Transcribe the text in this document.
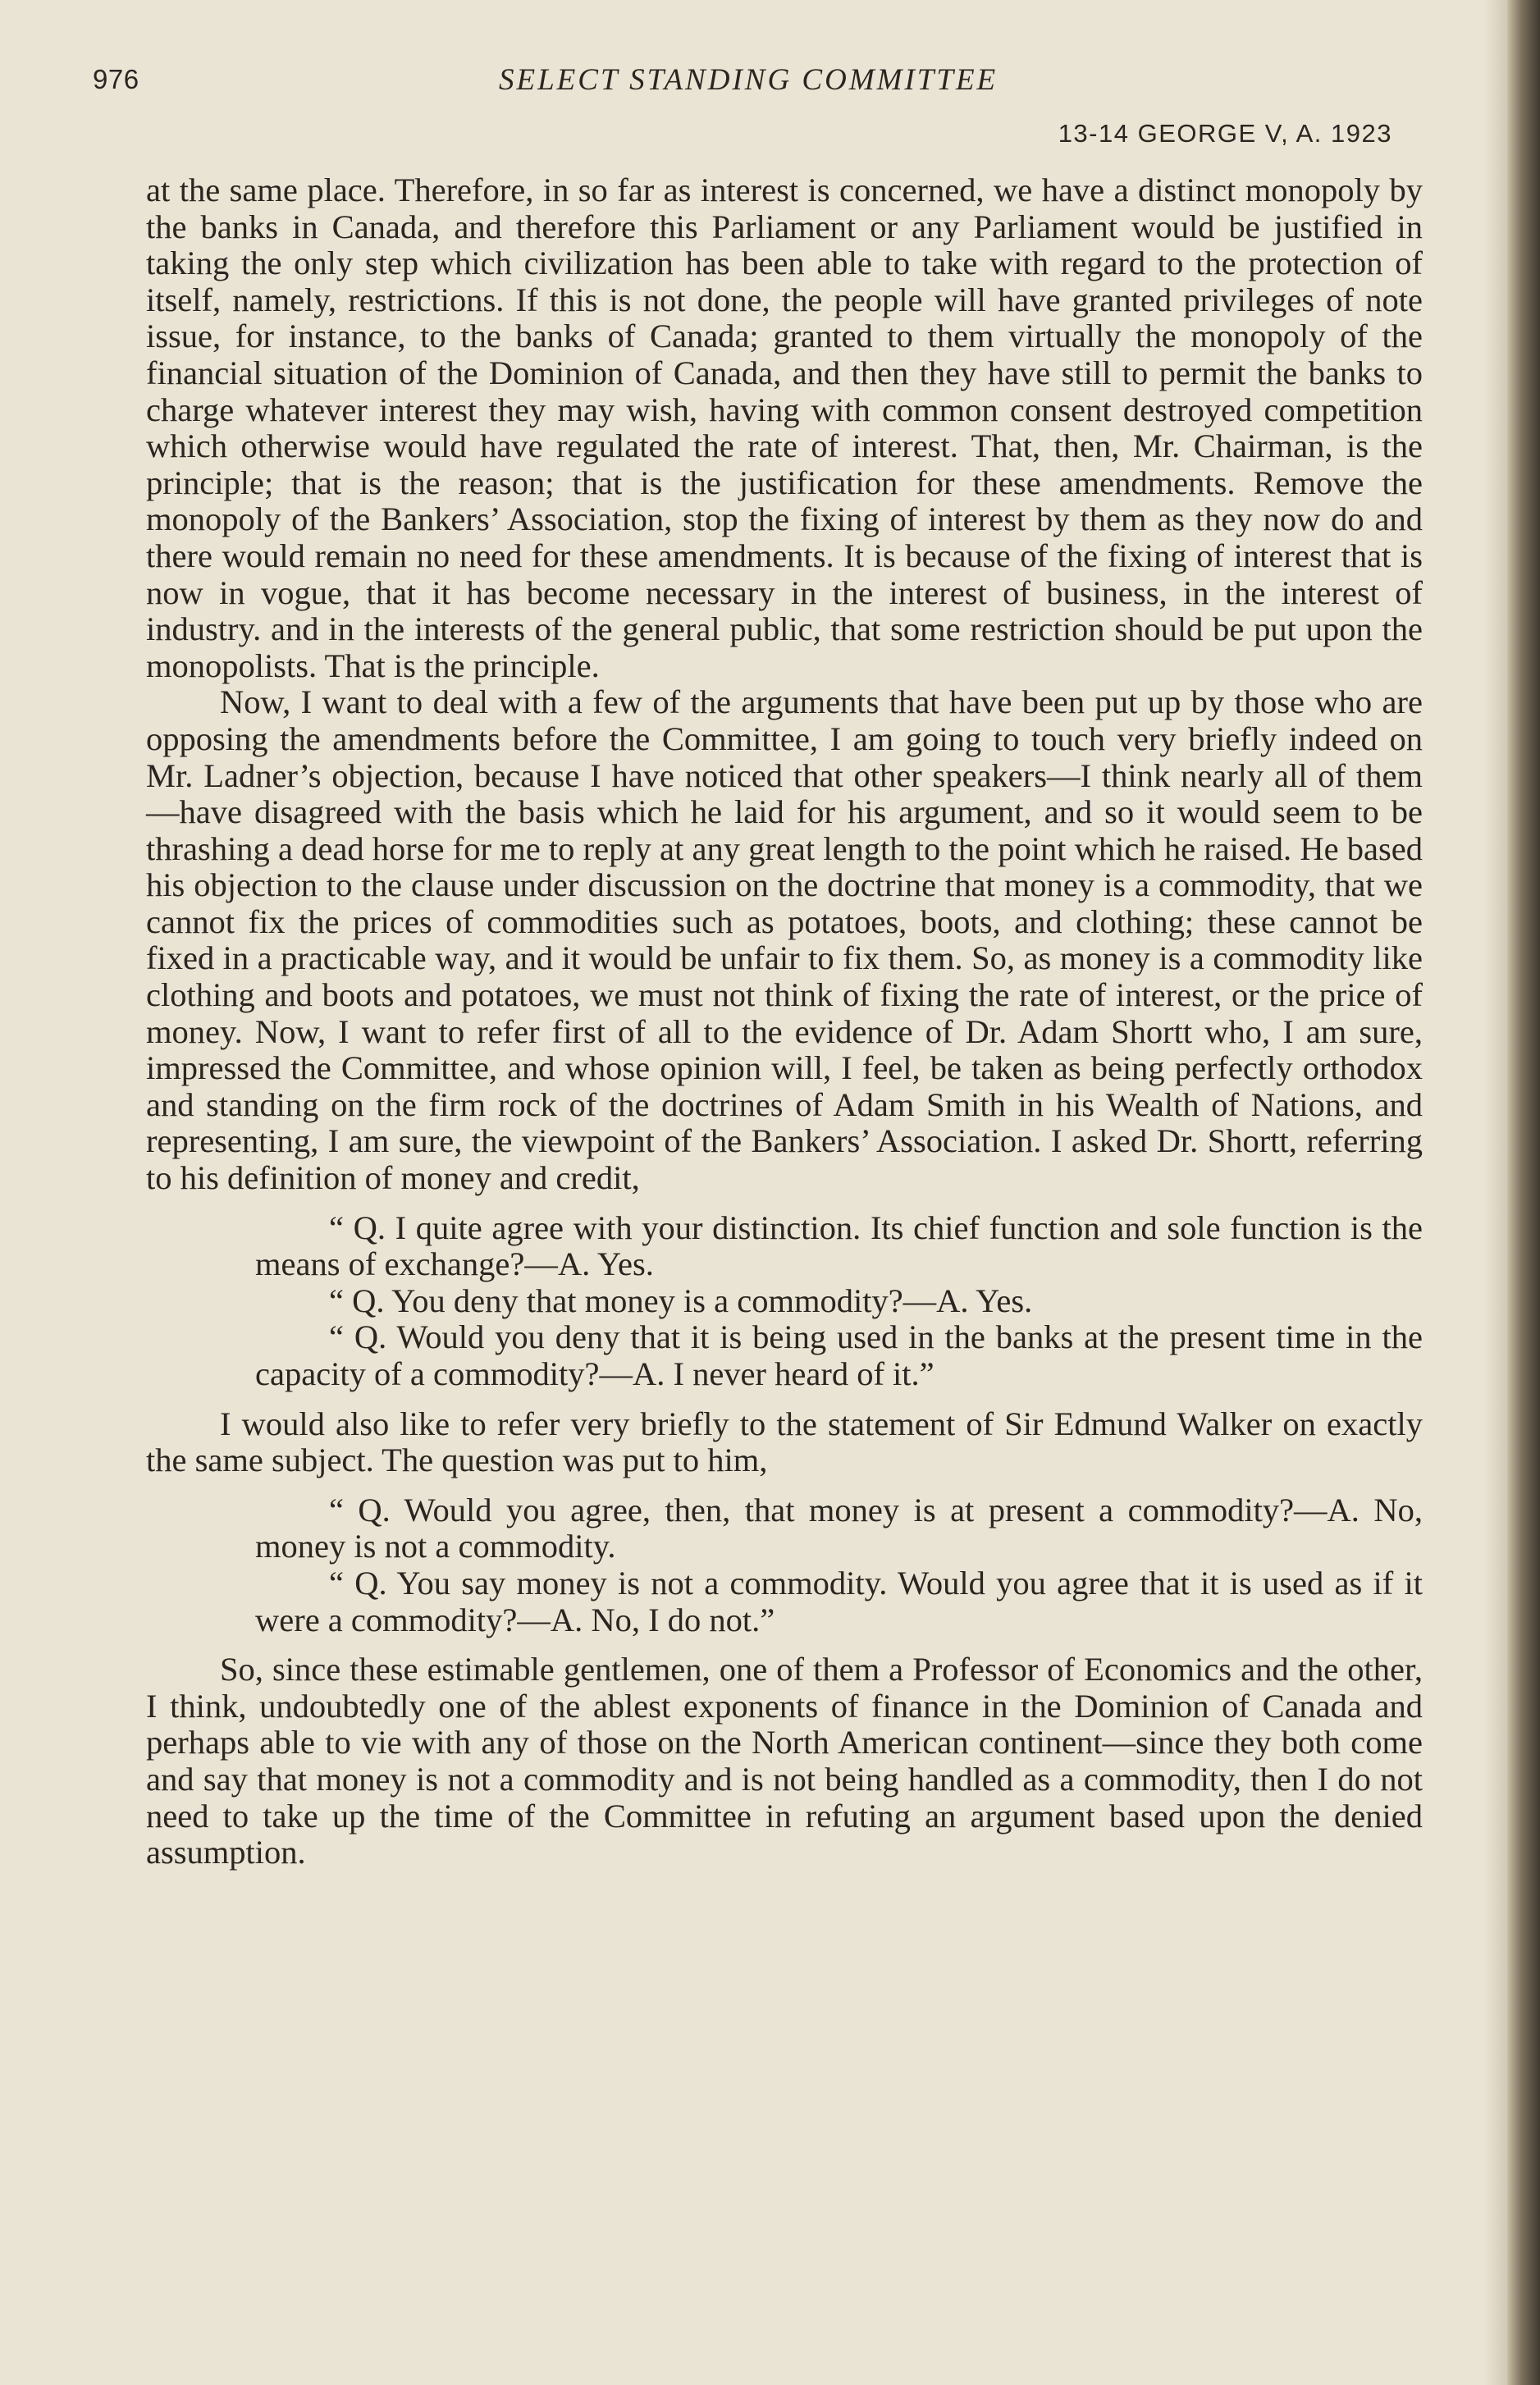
976	SELECT STANDING COMMITTEE
13-14 GEORGE V, A. 1923

at the same place. Therefore, in so far as interest is concerned, we have a distinct monopoly by the banks in Canada, and therefore this Parliament or any Parliament would be justified in taking the only step which civilization has been able to take with regard to the protection of itself, namely, restrictions. If this is not done, the people will have granted privileges of note issue, for instance, to the banks of Canada; granted to them virtually the monopoly of the financial situation of the Dominion of Canada, and then they have still to permit the banks to charge whatever interest they may wish, having with common consent destroyed competition which otherwise would have regulated the rate of interest. That, then, Mr. Chairman, is the principle; that is the reason; that is the justification for these amendments. Remove the monopoly of the Bankers’ Association, stop the fixing of interest by them as they now do and there would remain no need for these amendments. It is because of the fixing of interest that is now in vogue, that it has become necessary in the interest of business, in the interest of industry. and in the interests of the general public, that some restriction should be put upon the monopolists. That is the principle.

Now, I want to deal with a few of the arguments that have been put up by those who are opposing the amendments before the Committee, I am going to touch very briefly indeed on Mr. Ladner’s objection, because I have noticed that other speakers—I think nearly all of them—have disagreed with the basis which he laid for his argument, and so it would seem to be thrashing a dead horse for me to reply at any great length to the point which he raised. He based his objection to the clause under discussion on the doctrine that money is a commodity, that we cannot fix the prices of commodities such as potatoes, boots, and clothing; these cannot be fixed in a practicable way, and it would be unfair to fix them. So, as money is a commodity like clothing and boots and potatoes, we must not think of fixing the rate of interest, or the price of money. Now, I want to refer first of all to the evidence of Dr. Adam Shortt who, I am sure, impressed the Committee, and whose opinion will, I feel, be taken as being perfectly orthodox and standing on the firm rock of the doctrines of Adam Smith in his Wealth of Nations, and representing, I am sure, the viewpoint of the Bankers’ Association. I asked Dr. Shortt, referring to his definition of money and credit,

“ Q. I quite agree with your distinction. Its chief function and sole function is the means of exchange?—A. Yes.

“ Q. You deny that money is a commodity?—A. Yes.

“ Q. Would you deny that it is being used in the banks at the present time in the capacity of a commodity?—A. I never heard of it.”

I would also like to refer very briefly to the statement of Sir Edmund Walker on exactly the same subject. The question was put to him,

“ Q. Would you agree, then, that money is at present a commodity?—A. No, money is not a commodity.

“ Q. You say money is not a commodity. Would you agree that it is used as if it were a commodity?—A. No, I do not.”

So, since these estimable gentlemen, one of them a Professor of Economics and the other, I think, undoubtedly one of the ablest exponents of finance in the Dominion of Canada and perhaps able to vie with any of those on the North American continent—since they both come and say that money is not a commodity and is not being handled as a commodity, then I do not need to take up the time of the Committee in refuting an argument based upon the denied assumption.
